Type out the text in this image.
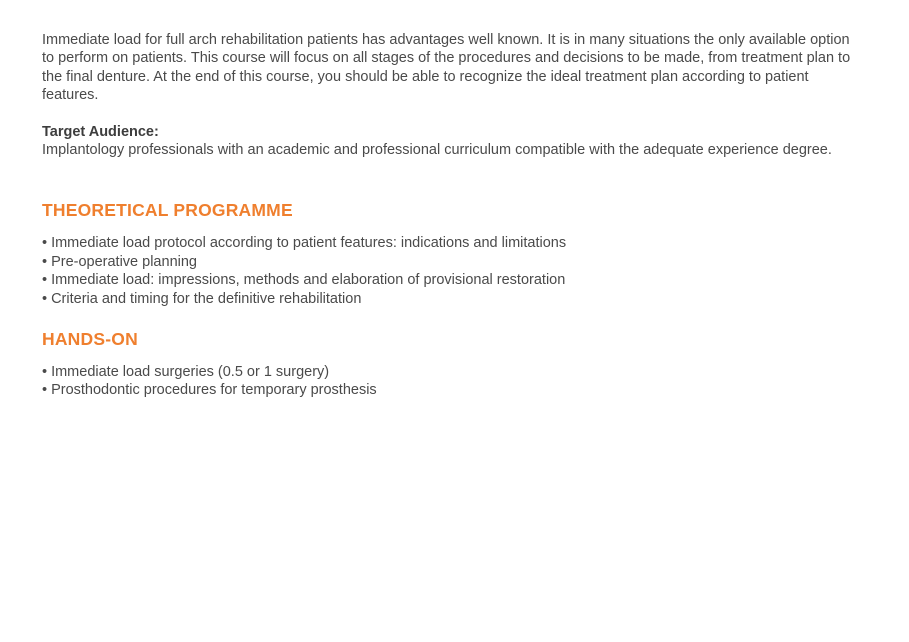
Immediate load for full arch rehabilitation patients has advantages well known. It is in many situations the only available option to perform on patients. This course will focus on all stages of the procedures and decisions to be made, from treatment plan to the final denture. At the end of this course, you should be able to recognize the ideal treatment plan according to patient features.

Target Audience:

Implantology professionals with an academic and professional curriculum compatible with the adequate experience degree.

THEORETICAL PROGRAMME
• Immediate load protocol according to patient features: indications and limitations
• Pre-operative planning
• Immediate load: impressions, methods and elaboration of provisional restoration
• Criteria and timing for the definitive rehabilitation
HANDS-ON
• Immediate load surgeries (0.5 or 1 surgery)
• Prosthodontic procedures for temporary prosthesis
